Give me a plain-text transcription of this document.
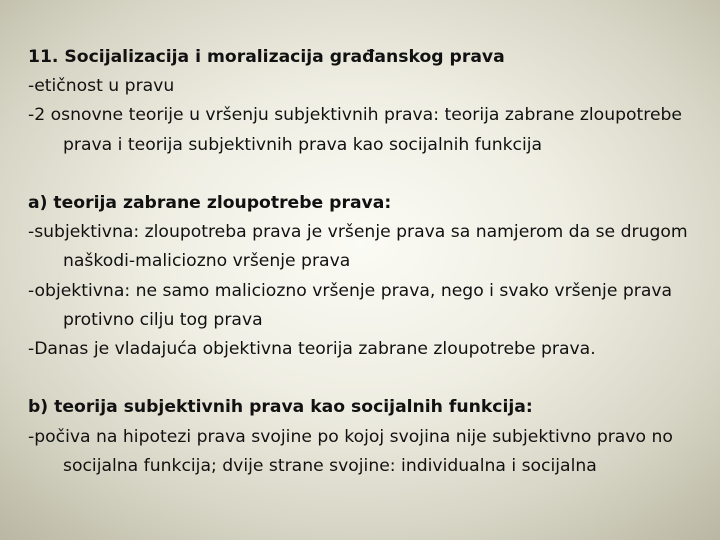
11. Socijalizacija i moralizacija građanskog prava
-etičnost u pravu
-2 osnovne teorije u vršenju subjektivnih prava: teorija zabrane zloupotrebe prava i teorija subjektivnih prava kao socijalnih funkcija
a) teorija zabrane zloupotrebe prava:
-subjektivna: zloupotreba prava je vršenje prava sa namjerom da se drugom naškodi-maliciozno vršenje prava
-objektivna: ne samo maliciozno vršenje prava, nego i svako vršenje prava protivno cilju tog prava
-Danas je vladajuća objektivna teorija zabrane zloupotrebe prava.
b) teorija subjektivnih prava kao socijalnih funkcija:
-počiva na hipotezi prava svojine po kojoj svojina nije subjektivno pravo no socijalna funkcija; dvije strane svojine: individualna i socijalna
